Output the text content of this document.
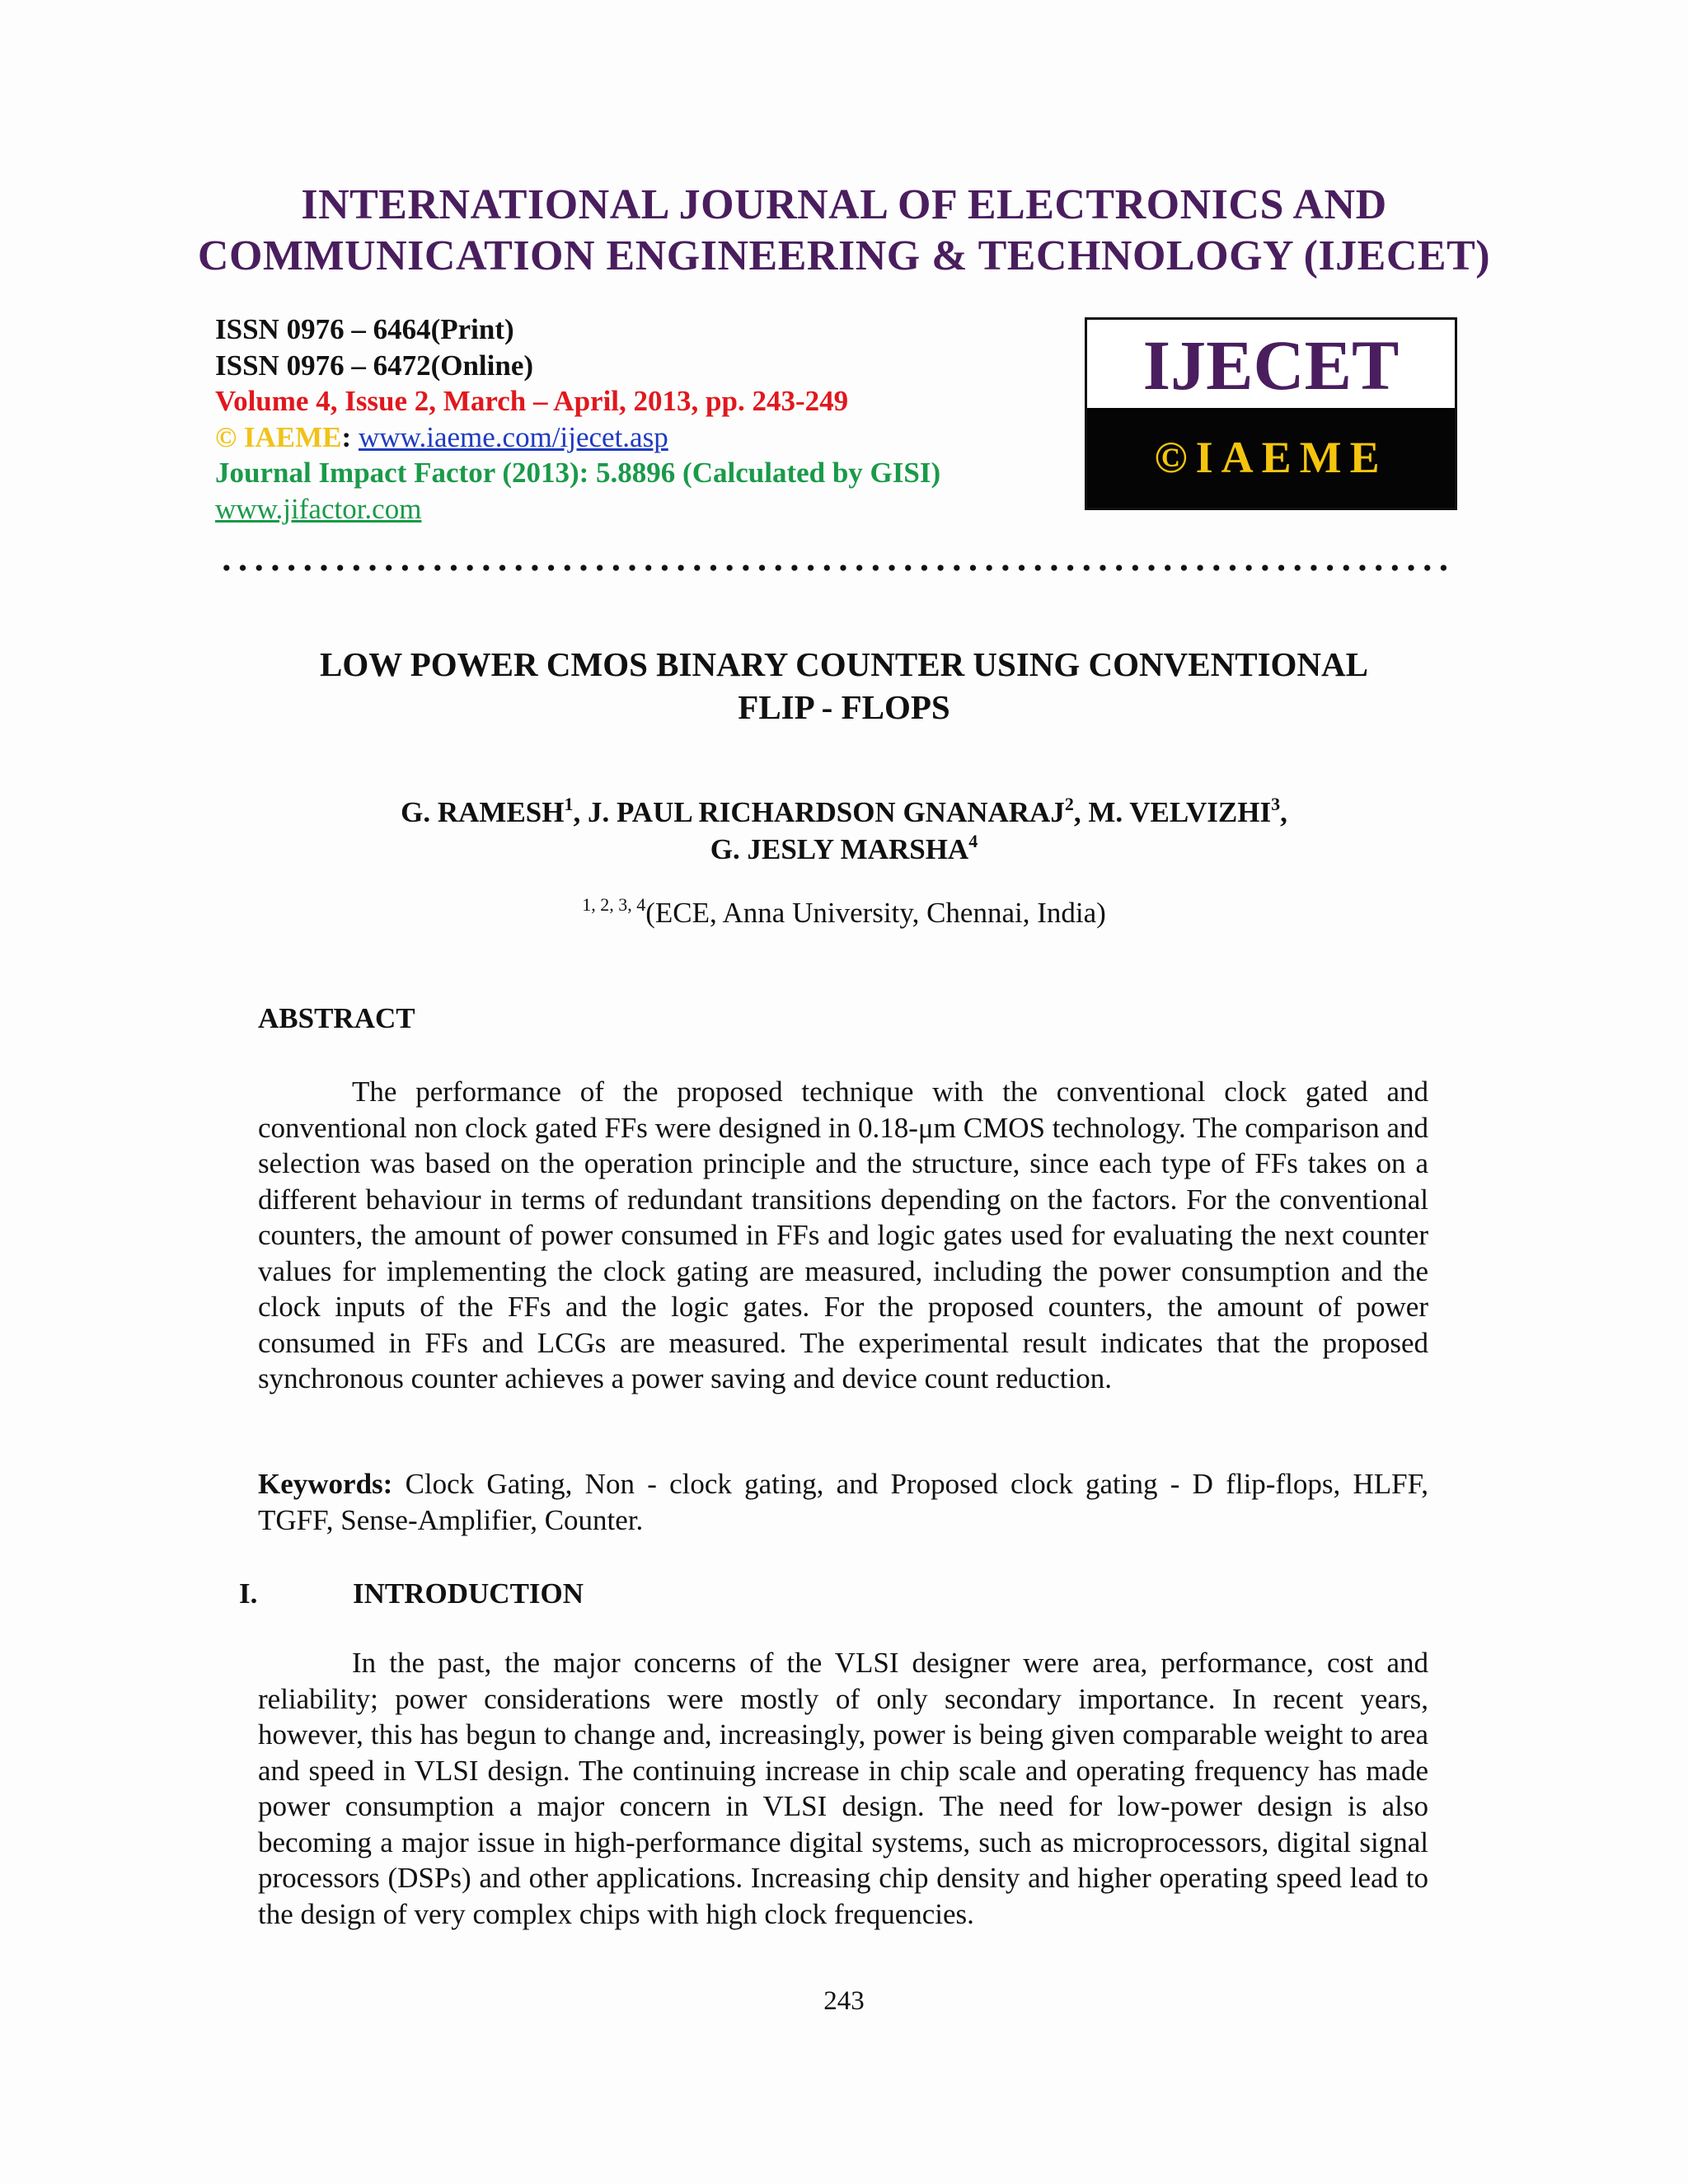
INTERNATIONAL JOURNAL OF ELECTRONICS AND
COMMUNICATION ENGINEERING & TECHNOLOGY (IJECET)
ISSN 0976 – 6464(Print)
ISSN 0976 – 6472(Online)
Volume 4, Issue 2, March – April, 2013, pp. 243-249
© IAEME: www.iaeme.com/ijecet.asp
Journal Impact Factor (2013): 5.8896 (Calculated by GISI)
www.jifactor.com
IJECET
©IAEME
LOW POWER CMOS BINARY COUNTER USING CONVENTIONAL
FLIP - FLOPS
G. RAMESH$^1$, J. PAUL RICHARDSON GNANARAJ$^2$, M. VELVIZHI$^3$,
G. JESLY MARSHA$^4$
$^{1, 2, 3, 4}$(ECE, Anna University, Chennai, India)
ABSTRACT
The performance of the proposed technique with the conventional clock gated and conventional non clock gated FFs were designed in 0.18-μm CMOS technology. The comparison and selection was based on the operation principle and the structure, since each type of FFs takes on a different behaviour in terms of redundant transitions depending on the factors. For the conventional counters, the amount of power consumed in FFs and logic gates used for evaluating the next counter values for implementing the clock gating are measured, including the power consumption and the clock inputs of the FFs and the logic gates. For the proposed counters, the amount of power consumed in FFs and LCGs are measured. The experimental result indicates that the proposed synchronous counter achieves a power saving and device count reduction.
Keywords: Clock Gating, Non - clock gating, and Proposed clock gating - D flip-flops, HLFF, TGFF, Sense-Amplifier, Counter.
I.	INTRODUCTION
In the past, the major concerns of the VLSI designer were area, performance, cost and reliability; power considerations were mostly of only secondary importance. In recent years, however, this has begun to change and, increasingly, power is being given comparable weight to area and speed in VLSI design. The continuing increase in chip scale and operating frequency has made power consumption a major concern in VLSI design. The need for low-power design is also becoming a major issue in high-performance digital systems, such as microprocessors, digital signal processors (DSPs) and other applications. Increasing chip density and higher operating speed lead to the design of very complex chips with high clock frequencies.
243
